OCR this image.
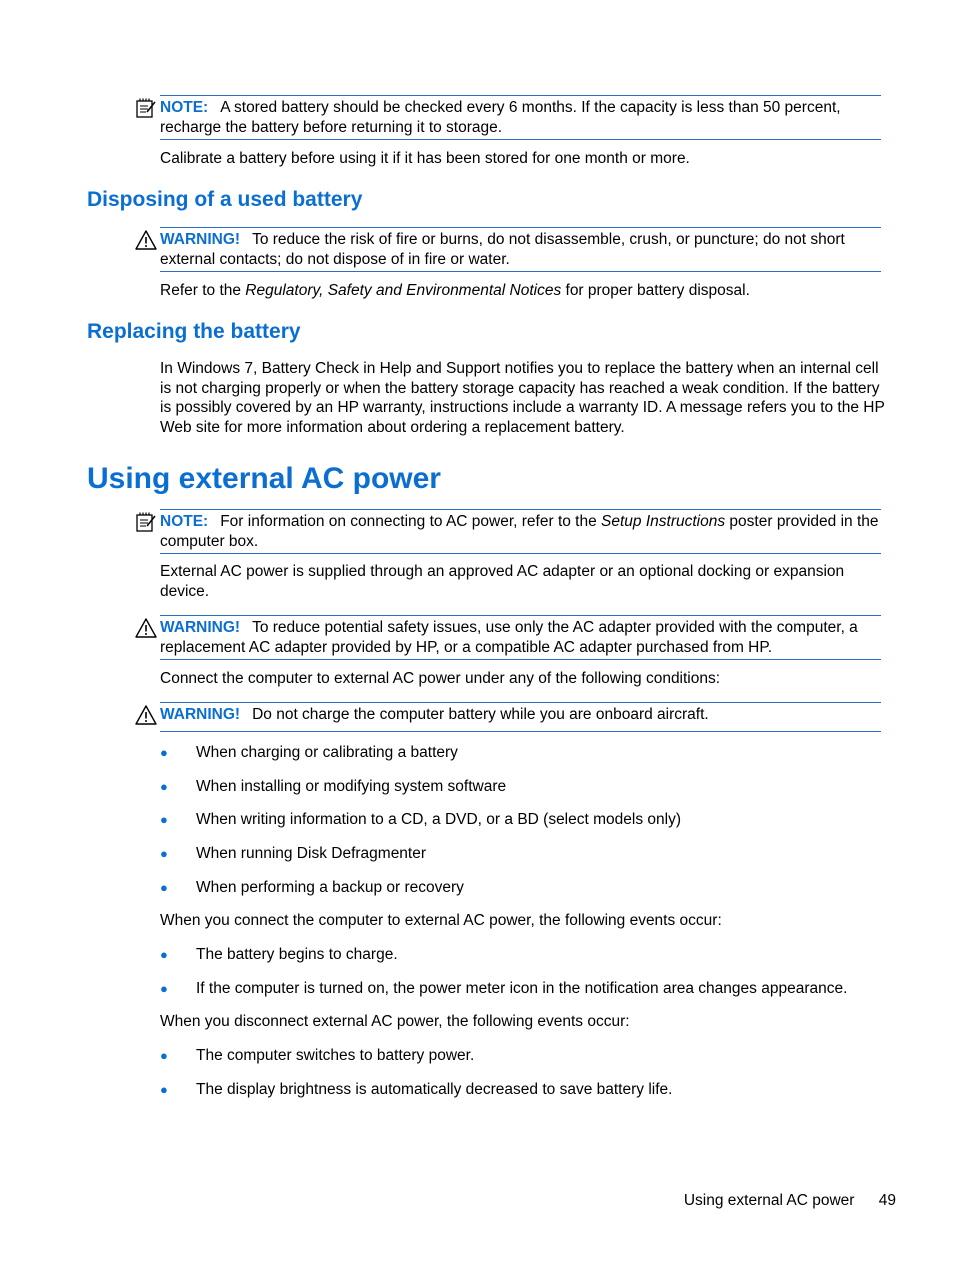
NOTE: A stored battery should be checked every 6 months. If the capacity is less than 50 percent, recharge the battery before returning it to storage.
Calibrate a battery before using it if it has been stored for one month or more.
Disposing of a used battery
WARNING! To reduce the risk of fire or burns, do not disassemble, crush, or puncture; do not short external contacts; do not dispose of in fire or water.
Refer to the Regulatory, Safety and Environmental Notices for proper battery disposal.
Replacing the battery
In Windows 7, Battery Check in Help and Support notifies you to replace the battery when an internal cell is not charging properly or when the battery storage capacity has reached a weak condition. If the battery is possibly covered by an HP warranty, instructions include a warranty ID. A message refers you to the HP Web site for more information about ordering a replacement battery.
Using external AC power
NOTE: For information on connecting to AC power, refer to the Setup Instructions poster provided in the computer box.
External AC power is supplied through an approved AC adapter or an optional docking or expansion device.
WARNING! To reduce potential safety issues, use only the AC adapter provided with the computer, a replacement AC adapter provided by HP, or a compatible AC adapter purchased from HP.
Connect the computer to external AC power under any of the following conditions:
WARNING! Do not charge the computer battery while you are onboard aircraft.
● When charging or calibrating a battery
● When installing or modifying system software
● When writing information to a CD, a DVD, or a BD (select models only)
● When running Disk Defragmenter
● When performing a backup or recovery
When you connect the computer to external AC power, the following events occur:
● The battery begins to charge.
● If the computer is turned on, the power meter icon in the notification area changes appearance.
When you disconnect external AC power, the following events occur:
● The computer switches to battery power.
● The display brightness is automatically decreased to save battery life.
Using external AC power 49
